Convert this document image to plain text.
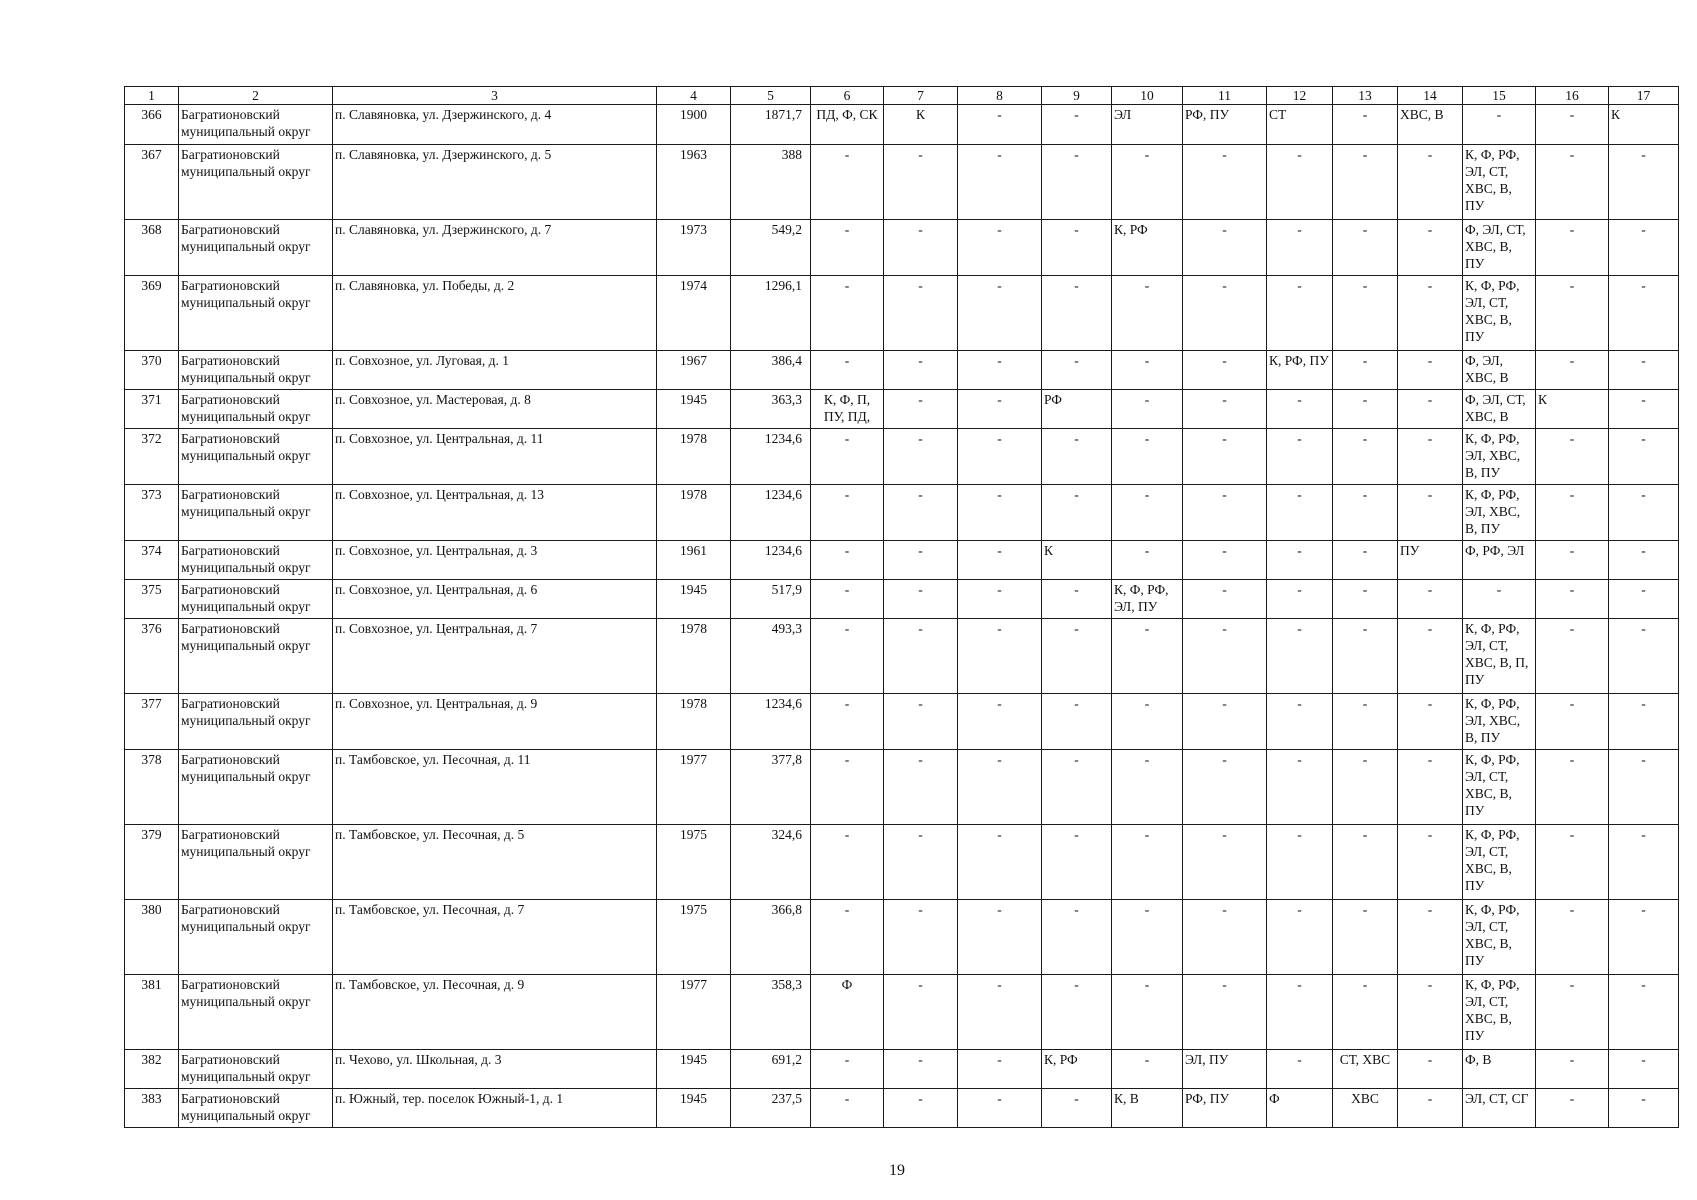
1	2	3	4	5	6	7	8	9	10	11	12	13	14	15	16	17
366	Багратионовский муниципальный округ	п. Славяновка, ул. Дзержинского, д. 4	1900	1871,7	ПД, Ф, СК	К	-	-	ЭЛ	РФ, ПУ	СТ	-	ХВС, В	-	-	К
367	Багратионовский муниципальный округ	п. Славяновка, ул. Дзержинского, д. 5	1963	388	-	-	-	-	-	-	-	-	-	К, Ф, РФ, ЭЛ, СТ, ХВС, В, ПУ	-	-
368	Багратионовский муниципальный округ	п. Славяновка, ул. Дзержинского, д. 7	1973	549,2	-	-	-	-	К, РФ	-	-	-	-	Ф, ЭЛ, СТ, ХВС, В, ПУ	-	-
369	Багратионовский муниципальный округ	п. Славяновка, ул. Победы, д. 2	1974	1296,1	-	-	-	-	-	-	-	-	-	К, Ф, РФ, ЭЛ, СТ, ХВС, В, ПУ	-	-
370	Багратионовский муниципальный округ	п. Совхозное, ул. Луговая, д. 1	1967	386,4	-	-	-	-	-	-	К, РФ, ПУ	-	-	Ф, ЭЛ, ХВС, В	-	-
371	Багратионовский муниципальный округ	п. Совхозное, ул. Мастеровая, д. 8	1945	363,3	К, Ф, П, ПУ, ПД,	-	-	РФ	-	-	-	-	-	Ф, ЭЛ, СТ, ХВС, В	К	-
372	Багратионовский муниципальный округ	п. Совхозное, ул. Центральная, д. 11	1978	1234,6	-	-	-	-	-	-	-	-	-	К, Ф, РФ, ЭЛ, ХВС, В, ПУ	-	-
373	Багратионовский муниципальный округ	п. Совхозное, ул. Центральная, д. 13	1978	1234,6	-	-	-	-	-	-	-	-	-	К, Ф, РФ, ЭЛ, ХВС, В, ПУ	-	-
374	Багратионовский муниципальный округ	п. Совхозное, ул. Центральная, д. 3	1961	1234,6	-	-	-	К	-	-	-	-	ПУ	Ф, РФ, ЭЛ	-	-
375	Багратионовский муниципальный округ	п. Совхозное, ул. Центральная, д. 6	1945	517,9	-	-	-	-	К, Ф, РФ, ЭЛ, ПУ	-	-	-	-	-	-	-
376	Багратионовский муниципальный округ	п. Совхозное, ул. Центральная, д. 7	1978	493,3	-	-	-	-	-	-	-	-	-	К, Ф, РФ, ЭЛ, СТ, ХВС, В, П, ПУ	-	-
377	Багратионовский муниципальный округ	п. Совхозное, ул. Центральная, д. 9	1978	1234,6	-	-	-	-	-	-	-	-	-	К, Ф, РФ, ЭЛ, ХВС, В, ПУ	-	-
378	Багратионовский муниципальный округ	п. Тамбовское, ул. Песочная, д. 11	1977	377,8	-	-	-	-	-	-	-	-	-	К, Ф, РФ, ЭЛ, СТ, ХВС, В, ПУ	-	-
379	Багратионовский муниципальный округ	п. Тамбовское, ул. Песочная, д. 5	1975	324,6	-	-	-	-	-	-	-	-	-	К, Ф, РФ, ЭЛ, СТ, ХВС, В, ПУ	-	-
380	Багратионовский муниципальный округ	п. Тамбовское, ул. Песочная, д. 7	1975	366,8	-	-	-	-	-	-	-	-	-	К, Ф, РФ, ЭЛ, СТ, ХВС, В, ПУ	-	-
381	Багратионовский муниципальный округ	п. Тамбовское, ул. Песочная, д. 9	1977	358,3	Ф	-	-	-	-	-	-	-	-	К, Ф, РФ, ЭЛ, СТ, ХВС, В, ПУ	-	-
382	Багратионовский муниципальный округ	п. Чехово, ул. Школьная, д. 3	1945	691,2	-	-	-	К, РФ	-	ЭЛ, ПУ	-	СТ, ХВС	-	Ф, В	-	-
383	Багратионовский муниципальный округ	п. Южный, тер. поселок Южный-1, д. 1	1945	237,5	-	-	-	-	К, В	РФ, ПУ	Ф	ХВС	-	ЭЛ, СТ, СГ	-	-
19
